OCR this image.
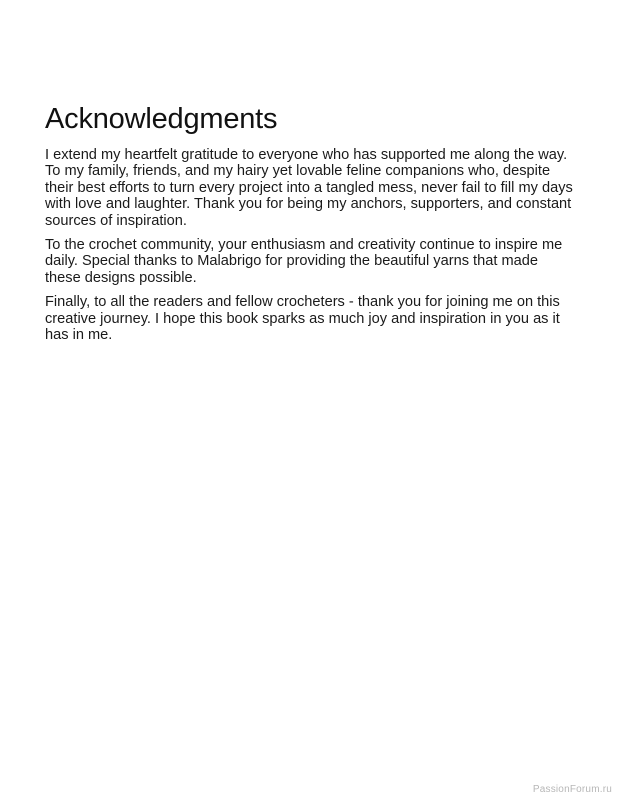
Acknowledgments

I extend my heartfelt gratitude to everyone who has supported me along the way. To my family, friends, and my hairy yet lovable feline companions who, despite their best efforts to turn every project into a tangled mess, never fail to fill my days with love and laughter. Thank you for being my anchors, supporters, and constant sources of inspiration.

To the crochet community, your enthusiasm and creativity continue to inspire me daily. Special thanks to Malabrigo for providing the beautiful yarns that made these designs possible.

Finally, to all the readers and fellow crocheters - thank you for joining me on this creative journey. I hope this book sparks as much joy and inspiration in you as it has in me.

PassionForum.ru
